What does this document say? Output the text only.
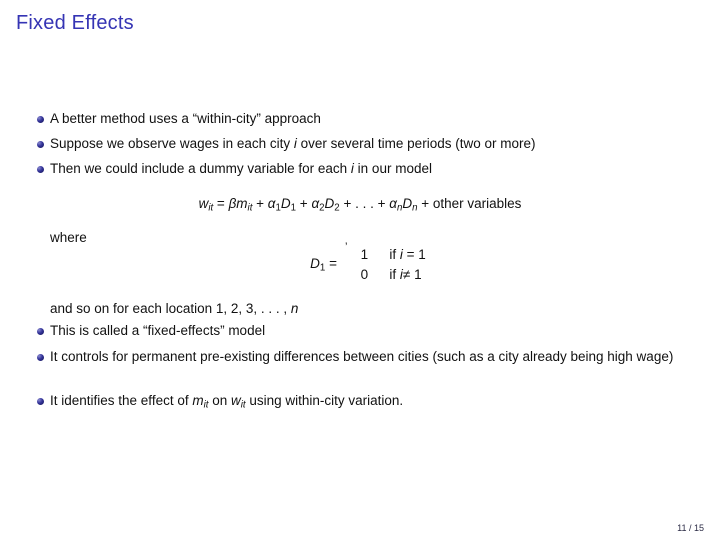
Fixed Effects
A better method uses a “within-city” approach
Suppose we observe wages in each city i over several time periods (two or more)
Then we could include a dummy variable for each i in our model
$w_{it} = \beta m_{it} + \alpha_1D_1 + \alpha_2D_2$ + . . . + $\alpha_nD_n$ + other variables
where
$D_1$ =
’ 1	if i = 1
0	if i≠ 1
and so on for each location 1, 2, 3, . . . , n
This is called a “fixed-effects” model
It controls for permanent pre-existing differences between cities (such as a city already being high wage)
It identifies the effect of $m_{it}$ on $w_{it}$ using within-city variation.
11 / 15
